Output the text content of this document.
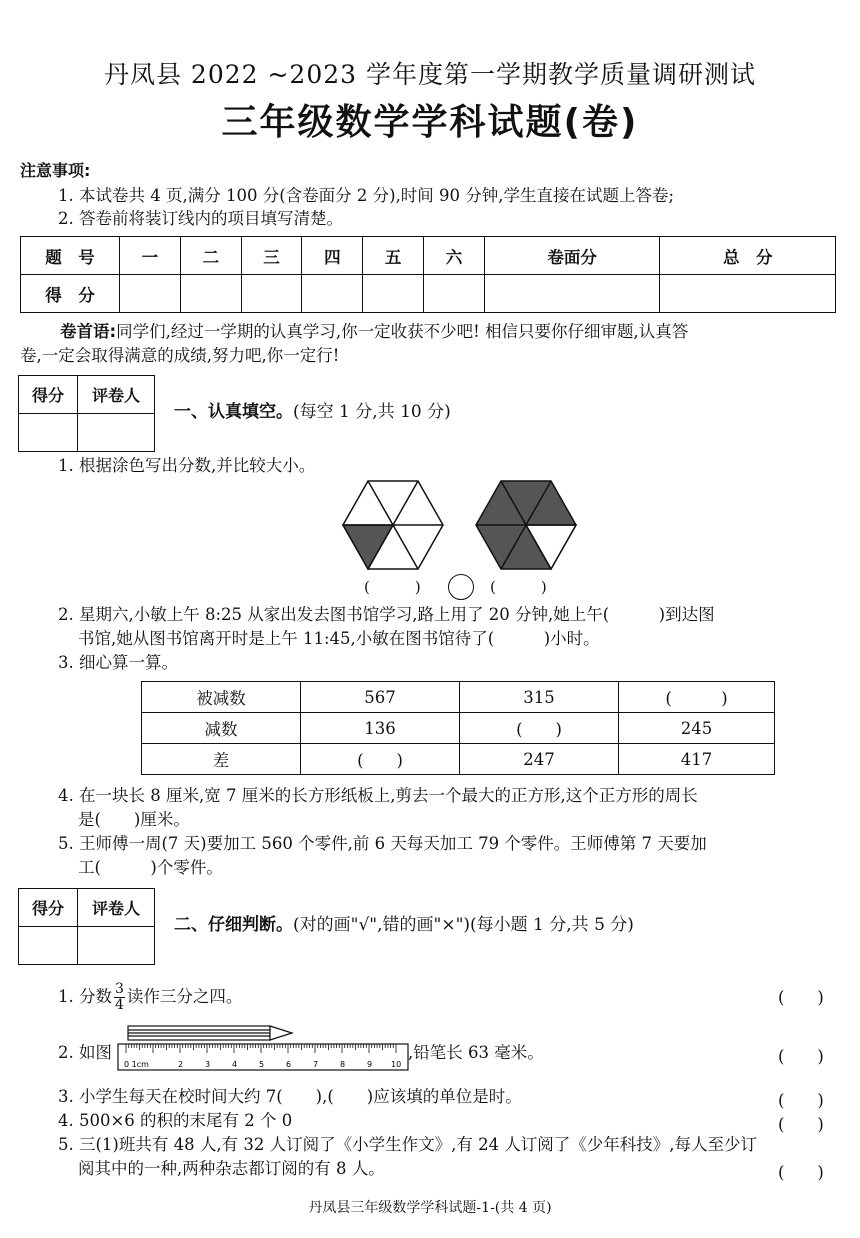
丹凤县 2022 ~2023 学年度第一学期教学质量调研测试
三年级数学学科试题(卷)
注意事项:
1. 本试卷共 4 页,满分 100 分(含卷面分 2 分),时间 90 分钟,学生直接在试题上答卷;
2. 答卷前将装订线内的项目填写清楚。
题　号	一	二	三	四	五	六	卷面分	总　分
得　分								
卷首语:同学们,经过一学期的认真学习,你一定收获不少吧! 相信只要你仔细审题,认真答
卷,一定会取得满意的成绩,努力吧,你一定行!
得分	评卷人

一、认真填空。(每空 1 分,共 10 分)
1. 根据涂色写出分数,并比较大小。
(　　　)	(　　　)
2. 星期六,小敏上午 8:25 从家出发去图书馆学习,路上用了 20 分钟,她上午(　　　)到达图
书馆,她从图书馆离开时是上午 11:45,小敏在图书馆待了(　　　)小时。
3. 细心算一算。
被减数	567	315	(　　　)
减数	136	(　　)	245
差	(　　)	247	417
4. 在一块长 8 厘米,宽 7 厘米的长方形纸板上,剪去一个最大的正方形,这个正方形的周长
是(　　)厘米。
5. 王师傅一周(7 天)要加工 560 个零件,前 6 天每天加工 79 个零件。王师傅第 7 天要加
工(　　　)个零件。
得分	评卷人

二、仔细判断。(对的画"√",错的画"×")(每小题 1 分,共 5 分)
1. 分数 $\frac{3}{4}$ 读作三分之四。	(　　)
2. 如图
0 1cm	2	3	4	5	6	7	8	9 10
,铅笔长 63 毫米。	(　　)
3. 小学生每天在校时间大约 7(　　),(　　)应该填的单位是时。	(　　)
4. 500×6 的积的末尾有 2 个 0	(　　)
5. 三(1)班共有 48 人,有 32 人订阅了《小学生作文》,有 24 人订阅了《少年科技》,每人至少订
阅其中的一种,两种杂志都订阅的有 8 人。	(　　)
丹凤县三年级数学学科试题-1-(共 4 页)
